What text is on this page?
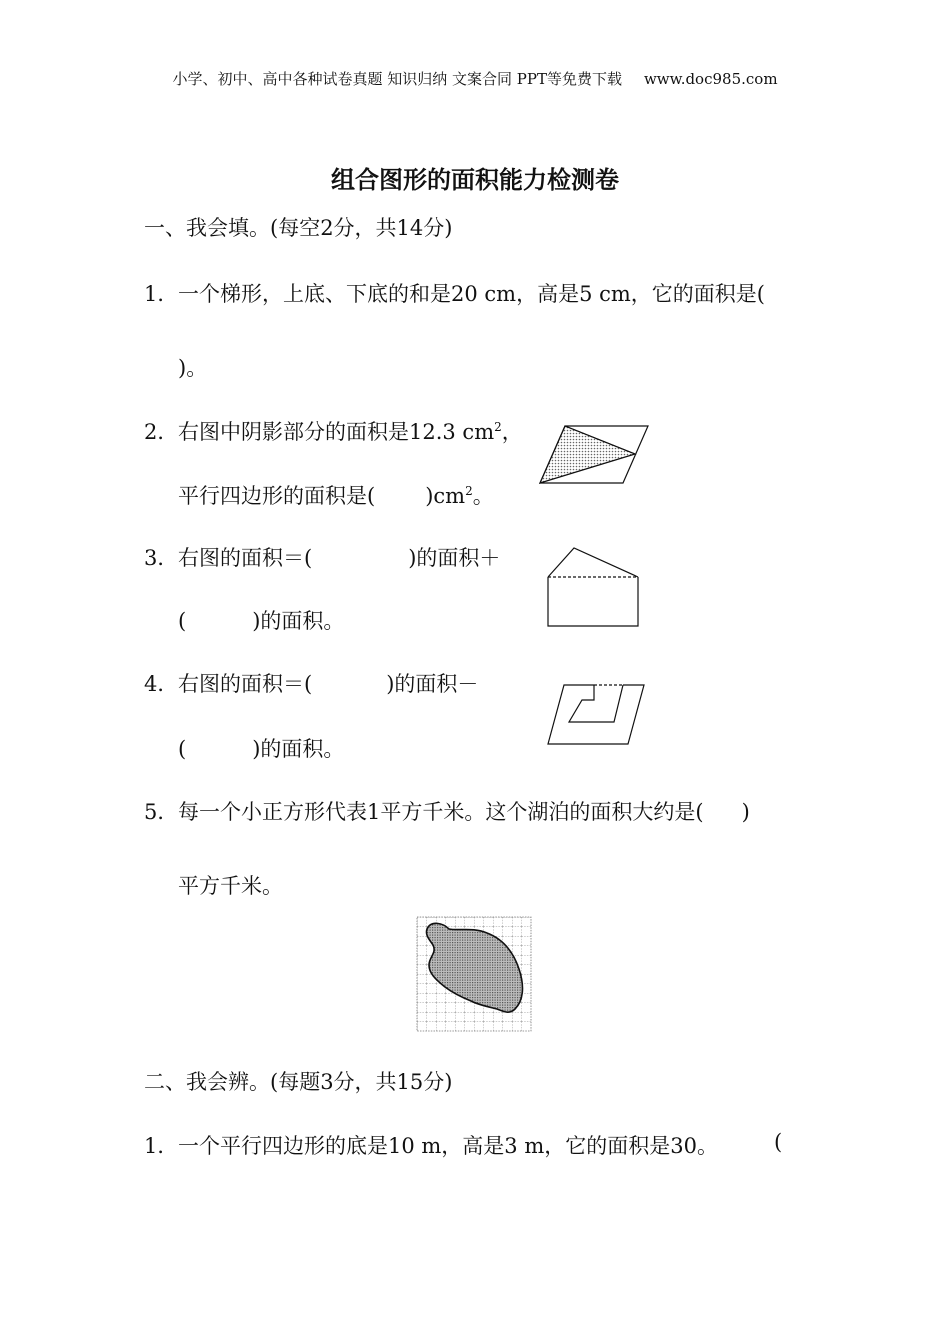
小学、初中、高中各种试卷真题 知识归纳 文案合同 PPT等免费下载 www.doc985.com
组合图形的面积能力检测卷
一、我会填。(每空2分，共14分)
1．一个梯形，上底、下底的和是20 cm，高是5 cm，它的面积是(
)。
2．右图中阴影部分的面积是12.3 $cm^2$，
平行四边形的面积是( )$cm^2$。
3．右图的面积＝(	)的面积＋
(	)的面积。
4．右图的面积＝(	)的面积－
(	)的面积。
5．每一个小正方形代表1平方千米。这个湖泊的面积大约是( )
平方千米。
二、我会辨。(每题3分，共15分)
1．一个平行四边形的底是10 m，高是3 m，它的面积是30。	(
